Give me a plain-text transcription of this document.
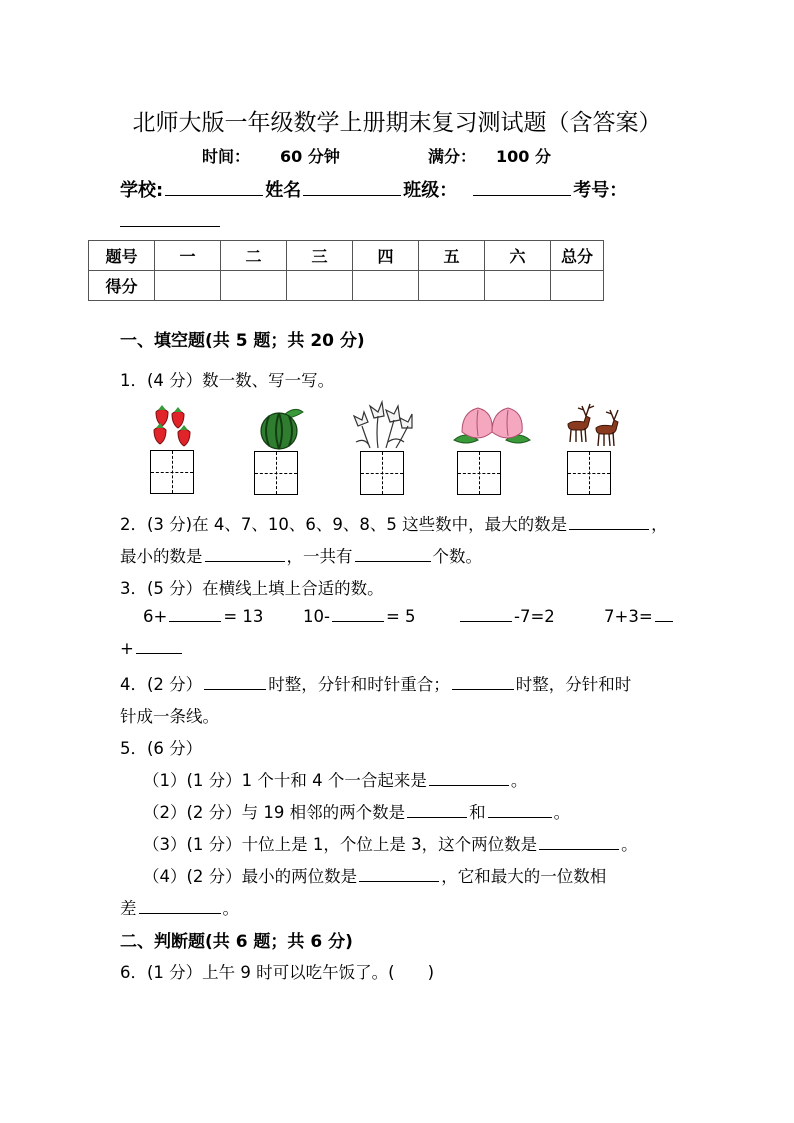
北师大版一年级数学上册期末复习测试题（含答案）
时间： 60 分钟	满分： 100 分
学校:	姓名	班级：	考号：
题号	一	二	三	四	五	六	总分
得分							
一、填空题(共 5 题；共 20 分)
1．(4 分）数一数、写一写。
2．(3 分)在 4、7、10、6、9、8、5 这些数中，最大的数是	，
最小的数是	，一共有	个数。
3．(5 分）在横线上填上合适的数。
6+	= 13 10-	= 5	-7=2	7+3=
+
4．(2 分）	时整，分针和时针重合；	时整，分针和时
针成一条线。
5．(6 分）
（1）(1 分）1 个十和 4 个一合起来是	。
（2）(2 分）与 19 相邻的两个数是	和	。
（3）(1 分）十位上是 1，个位上是 3，这个两位数是	。
（4）(2 分）最小的两位数是	，它和最大的一位数相
差	。
二、判断题(共 6 题；共 6 分)
6．(1 分）上午 9 时可以吃午饭了。(　　)
